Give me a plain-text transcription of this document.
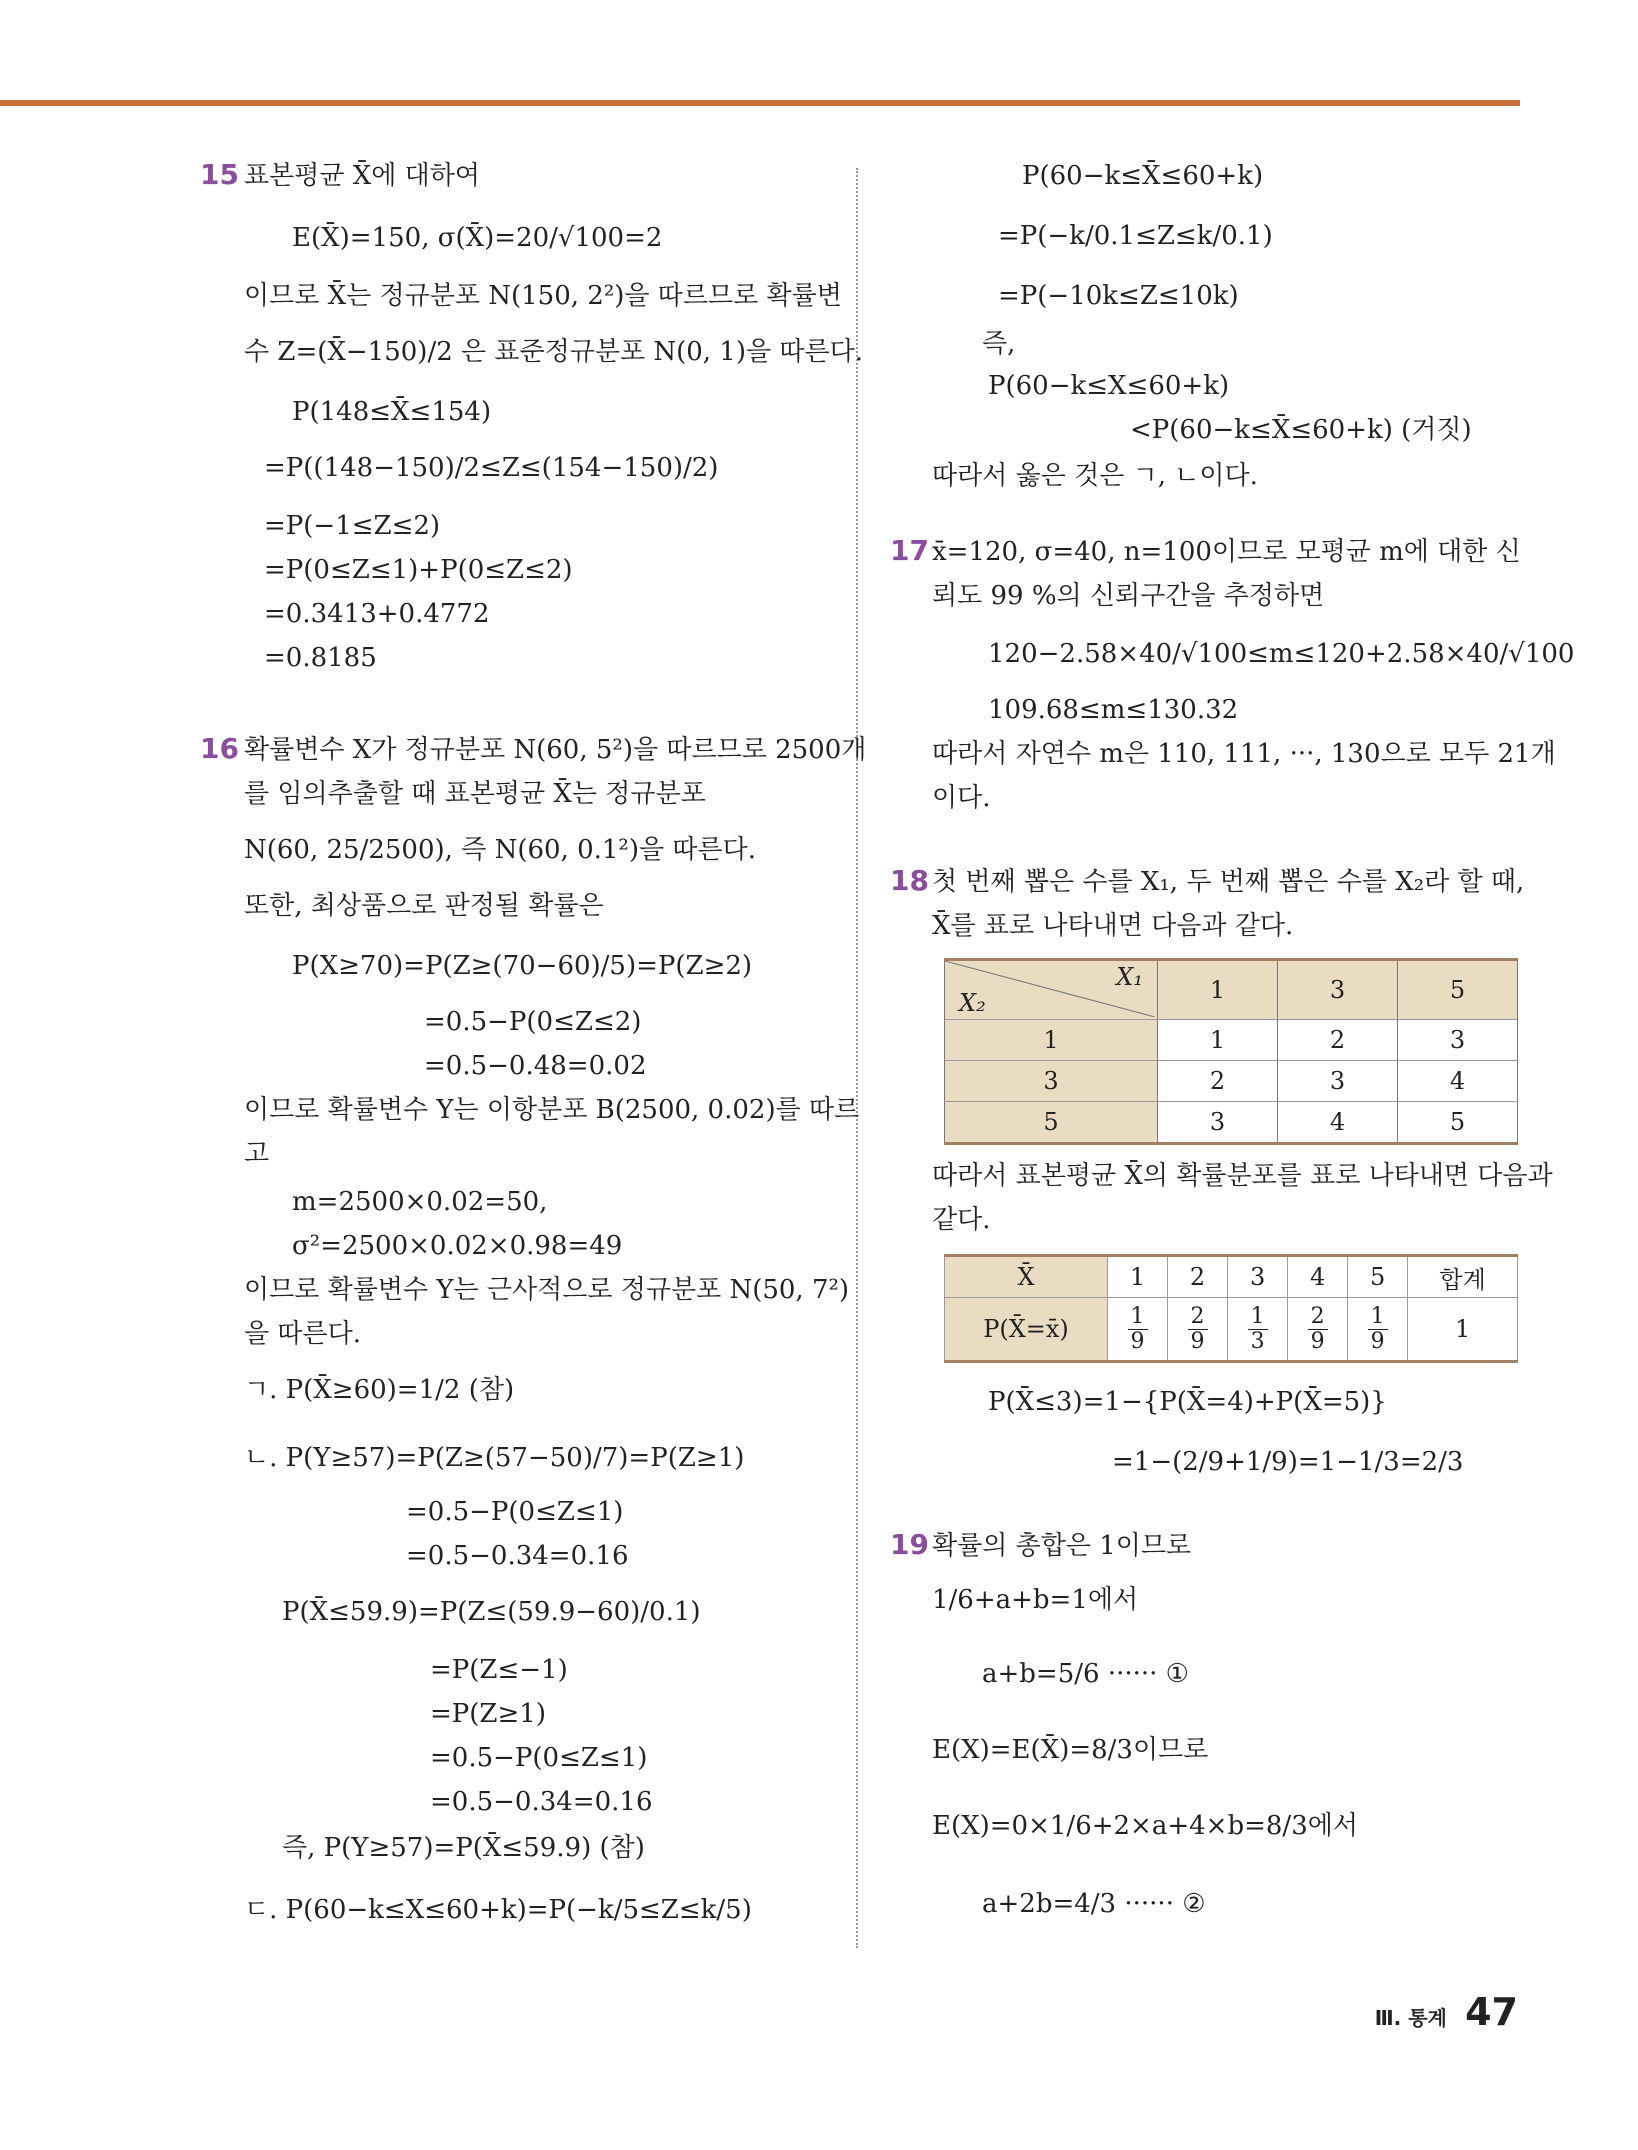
15 표본평균 X̄에 대하여
E(X̄)=150, σ(X̄)=20/√100=2
이므로 X̄는 정규분포 N(150, 2²)을 따르므로 확률변
수 Z=(X̄−150)/2 은 표준정규분포 N(0, 1)을 따른다.
P(148≤X̄≤154)
=P((148−150)/2≤Z≤(154−150)/2)
=P(−1≤Z≤2)
=P(0≤Z≤1)+P(0≤Z≤2)
=0.3413+0.4772
=0.8185
16 확률변수 X가 정규분포 N(60, 5²)을 따르므로 2500개
를 임의추출할 때 표본평균 X̄는 정규분포
N(60, 25/2500), 즉 N(60, 0.1²)을 따른다.
또한, 최상품으로 판정될 확률은
P(X≥70)=P(Z≥(70−60)/5)=P(Z≥2)
=0.5−P(0≤Z≤2)
=0.5−0.48=0.02
이므로 확률변수 Y는 이항분포 B(2500, 0.02)를 따르
고
m=2500×0.02=50,
σ²=2500×0.02×0.98=49
이므로 확률변수 Y는 근사적으로 정규분포 N(50, 7²)
을 따른다.
ㄱ. P(X̄≥60)=1/2 (참)
ㄴ. P(Y≥57)=P(Z≥(57−50)/7)=P(Z≥1)
=0.5−P(0≤Z≤1)
=0.5−0.34=0.16
P(X̄≤59.9)=P(Z≤(59.9−60)/0.1)
=P(Z≤−1)
=P(Z≥1)
=0.5−P(0≤Z≤1)
=0.5−0.34=0.16
즉, P(Y≥57)=P(X̄≤59.9) (참)
ㄷ. P(60−k≤X≤60+k)=P(−k/5≤Z≤k/5)
P(60−k≤X̄≤60+k)
=P(−k/0.1≤Z≤k/0.1)
=P(−10k≤Z≤10k)
즉,
P(60−k≤X≤60+k)
<P(60−k≤X̄≤60+k) (거짓)
따라서 옳은 것은 ㄱ, ㄴ이다.
17 x̄=120, σ=40, n=100이므로 모평균 m에 대한 신
뢰도 99 %의 신뢰구간을 추정하면
120−2.58×40/√100≤m≤120+2.58×40/√100
109.68≤m≤130.32
따라서 자연수 m은 110, 111, ···, 130으로 모두 21개
이다.
18 첫 번째 뽑은 수를 X₁, 두 번째 뽑은 수를 X₂라 할 때,
X̄를 표로 나타내면 다음과 같다.
따라서 표본평균 X̄의 확률분포를 표로 나타내면 다음과
같다.
P(X̄≤3)=1−{P(X̄=4)+P(X̄=5)}
=1−(2/9+1/9)=1−1/3=2/3
19 확률의 총합은 1이므로
1/6+a+b=1에서
a+b=5/6 ······ ①
E(X)=E(X̄)=8/3이므로
E(X)=0×1/6+2×a+4×b=8/3에서
a+2b=4/3 ······ ②
X₁
X₂	1	3	5
1	1	2	3
3	2	3	4
5	3	4	5
X̄	1	2	3	4	5	합계
P(X̄=x̄)	$\frac{1}{9}$	$\frac{2}{9}$	$\frac{1}{3}$	$\frac{2}{9}$	$\frac{1}{9}$	1
Ⅲ. 통계 47
